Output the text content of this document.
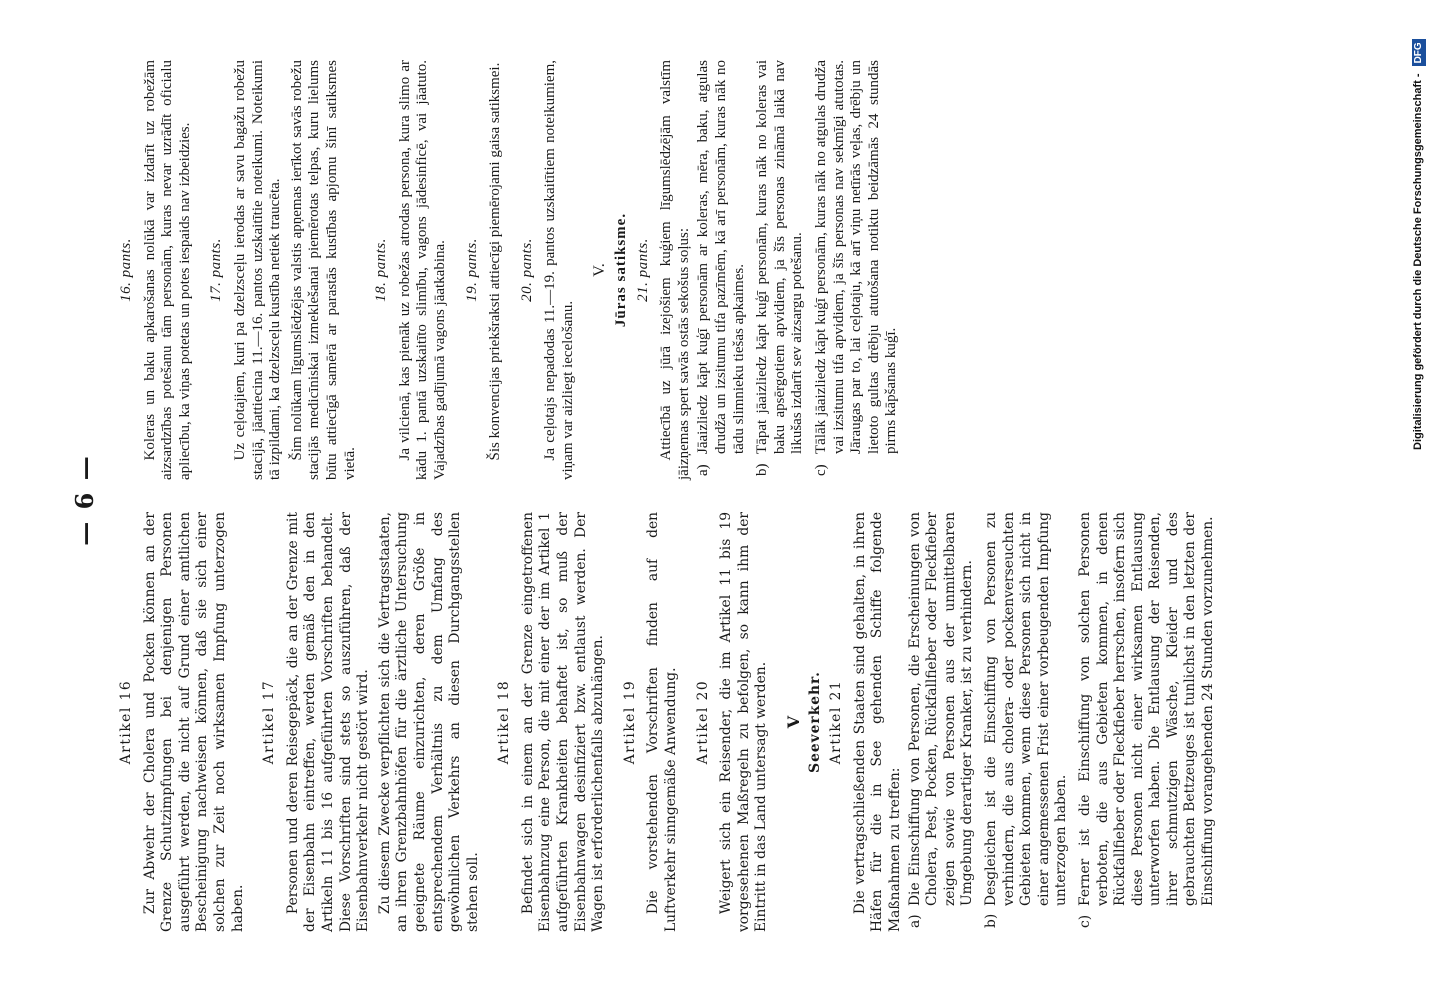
— 6 —
Artikel 16 Zur Abwehr der Cholera und Pocken können an der Grenze Schutzimpfungen bei denjenigen Personen ausgeführt werden, die nicht auf Grund einer amtlichen Bescheinigung nachweisen können, daß sie sich einer solchen zur Zeit noch wirksamen Impfung unterzogen haben.

Artikel 17 Personen und deren Reisegepäck, die an der Grenze mit der Eisenbahn eintreffen, werden gemäß den in den Artikeln 11 bis 16 aufgeführten Vorschriften behandelt. Diese Vorschriften sind stets so auszuführen, daß der Eisenbahnverkehr nicht gestört wird. Zu diesem Zwecke verpflichten sich die Vertragsstaaten, an ihren Grenzbahnhöfen für die ärztliche Untersuchung geeignete Räume einzurichten, deren Größe in entsprechendem Verhältnis zu dem Umfang des gewöhnlichen Verkehrs an diesen Durchgangsstellen stehen soll.

Artikel 18 Befindet sich in einem an der Grenze eingetroffenen Eisenbahnzug eine Person, die mit einer der im Artikel 1 aufgeführten Krankheiten behaftet ist, so muß der Eisenbahnwagen desinfiziert bzw. entlaust werden. Der Wagen ist erforderlichenfalls abzuhängen. Artikel 19 Die vorstehenden Vorschriften finden auf den Luftverkehr sinngemäße Anwendung. Artikel 20 Weigert sich ein Reisender, die im Artikel 11 bis 19 vorgesehenen Maßregeln zu befolgen, so kann ihm der Eintritt in das Land untersagt werden. V Seeverkehr. Artikel 21 Die vertragschließenden Staaten sind gehalten, in ihren Häfen für die in See gehenden Schiffe folgende Maßnahmen zu treffen: a)
Die Einschiffung von Personen, die Erscheinungen von Cholera, Pest, Pocken, Rückfallfieber oder Fleckfieber zeigen sowie von Personen aus der unmittelbaren Umgebung derartiger Kranker, ist zu verhindern.
b)
Desgleichen ist die Einschiffung von Personen zu verhindern, die aus cholera- oder pockenverseuchten Gebieten kommen, wenn diese Personen sich nicht in einer angemessenen Frist einer vorbeugenden Impfung unterzogen haben.
c)
Ferner ist die Einschiffung von solchen Personen verboten, die aus Gebieten kommen, in denen Rückfallfieber oder Fleckfieber herrschen, insofern sich diese Personen nicht einer wirksamen Entlausung unterworfen haben. Die Entlausung der Reisenden, ihrer schmutzigen Wäsche, Kleider und des gebrauchten Bettzeuges ist tunlichst in den letzten der Einschiffung vorangehenden 24 Stunden vorzunehmen.
16. pants. Koleras un baku apkarošanas nolūkā var izdarīt uz robežām aizsardzības potešanu tām personām, kuras nevar uzrādīt oficialu apliecību, ka viņas potetas un potes iespaids nav izbeidzies. 17. pants. Uz ceļotajiem, kuri pa dzelzsceļu ierodas ar savu bagažu robežu stacijā, jāattiecina 11.—16. pantos uzskaitītie noteikumi. Noteikumi tā izpildami, ka dzelzsceļu kustība netiek traucēta. Šim nolūkam līgumslēdzējas valstis apņemas ierīkot savās robežu stacijās medicīniskai izmeklešanai piemērotas telpas, kuru lielums būtu attiecīgā samērā ar parastās kustības apjomu šinī satiksmes vietā.

18. pants. Ja vilcienā, kas pienāk uz robežas atrodas persona, kura slimo ar kādu 1. pantā uzskaitīto slimību, vagons jādesinficē, vai jāatuto. Vajadzības gadījumā vagons jāatkabina. 19. pants. Šis konvencijas priekšraksti attiecīgi piemērojami gaisa satiksmei. 20. pants. Ja ceļotajs nepadodas 11.—19. pantos uzskaitītiem noteikumiem, viņam var aizliegt iecelošanu.

V. Jūras satiksme. 21. pants. Attiecībā uz jūrā izejošiem kuģiem līgumslēdzējām valstīm jāizņemas spert savās ostās sekošus soļus: a)
Jāaizliedz kāpt kuģī personām ar koleras, mēra, baku, atgulas drudža un izsitumu tifa pazīmēm, kā arī personām, kuras nāk no tādu slimnieku tiešas apkaimes.
b)
Tāpat jāaizliedz kāpt kuģī personām, kuras nāk no koleras vai baku apsērgotiem apvidiem, ja šīs personas zināmā laikā nav likušas izdarīt sev aizsargu potešanu.
c)
Tālāk jāaizliedz kāpt kuģī personām, kuras nāk no atgulas drudža vai izsitumu tifa apvidiem, ja šīs personas nav sekmīgi atutotas. Jāraugas par to, lai ceļotaju, kā arī viņu netīrās veļas, drēbju un lietoto gultas drēbju atutošana notiktu beidzāmās 24 stundās pirms kāpšanas kuģī.	Digitalisierung gefördert durch die Deutsche Forschungsgemeinschaft - DFG
